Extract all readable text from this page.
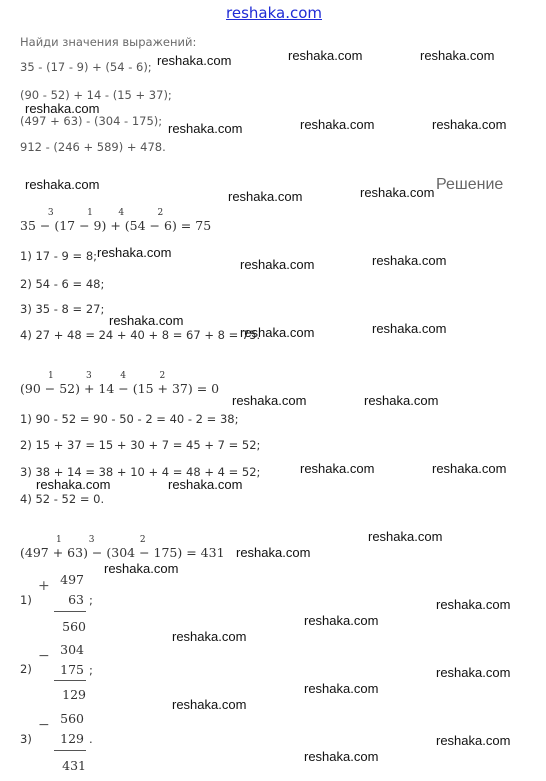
reshaka.com
Найди значения выражений:
35 - (17 - 9) + (54 - 6);
(90 - 52) + 14 - (15 + 37);
(497 + 63) - (304 - 175);
912 - (246 + 589) + 478.
Решение
35
3
− (17
1
− 9)
4
+ (54
2
− 6) = 75
1) 17 - 9 = 8;
2) 54 - 6 = 48;
3) 35 - 8 = 27;
4) 27 + 48 = 24 + 40 + 8 = 67 + 8 = 75.
1
(90 − 52)
3
+ 14
4
− (15
2
+ 37) = 0
1) 90 - 52 = 90 - 50 - 2 = 40 - 2 = 38;
2) 15 + 37 = 15 + 30 + 7 = 45 + 7 = 52;
3) 38 + 14 = 38 + 10 + 4 = 48 + 4 = 52;
4) 52 - 52 = 0.
1
(497
3
+ 63)
2
− (304 − 175) = 431
1)
+ 497
63 ;
560
2)
− 304
175 ;
129
3)
− 560
129 .
431
reshaka.com	reshaka.com	reshaka.com
reshaka.com
reshaka.com	reshaka.com	reshaka.com
reshaka.com
reshaka.com	reshaka.com
reshaka.com
reshaka.com	reshaka.com
reshaka.com
reshaka.com	reshaka.com
reshaka.com	reshaka.com
reshaka.com	reshaka.com
reshaka.com	reshaka.com
reshaka.com
reshaka.com
reshaka.com
reshaka.com
reshaka.com
reshaka.com
reshaka.com
reshaka.com
reshaka.com
reshaka.com
reshaka.com
